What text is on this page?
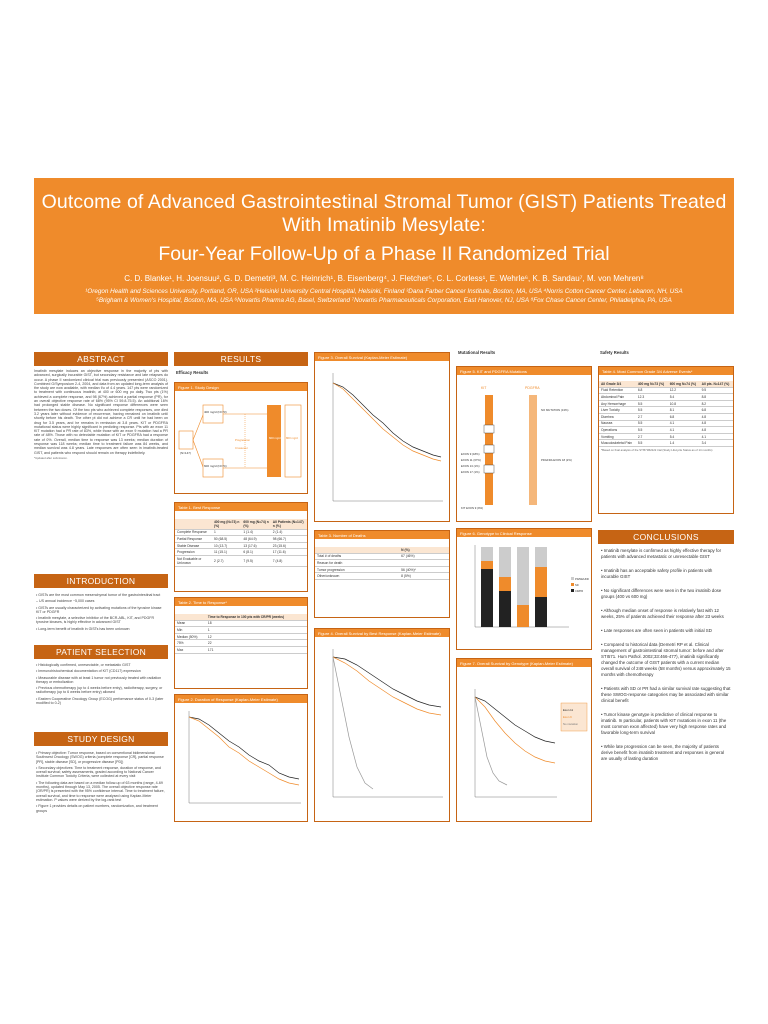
Outcome of Advanced Gastrointestinal Stromal Tumor (GIST) Patients Treated With Imatinib Mesylate:
Four-Year Follow-Up of a Phase II Randomized Trial
C. D. Blanke¹, H. Joensuu², G. D. Demetri³, M. C. Heinrich¹, B. Eisenberg⁴, J. Fletcher⁵, C. L. Corless¹, E. Wehrle⁶, K. B. Sandau⁷, M. von Mehren⁸
¹Oregon Health and Sciences University, Portland, OR, USA ²Helsinki University Central Hospital, Helsinki, Finland ³Dana Farber Cancer Institute, Boston, MA, USA ⁴Norris Cotton Cancer Center, Lebanon, NH, USA
⁵Brigham & Women's Hospital, Boston, MA, USA ⁶Novartis Pharma AG, Basel, Switzerland ⁷Novartis Pharmaceuticals Corporation, East Hanover, NJ, USA ⁸Fox Chase Cancer Center, Philadelphia, PA, USA
ABSTRACT
Imatinib mesylate induces an objective response in the majority of pts with advanced, surgically incurable GIST, but secondary resistance and late relapses do occur. A phase II randomized clinical trial was previously presented (ASCO 2001). Combined G/Symposium 2-4, 2004, and data from an updated long-term analysis of the study are now available, with median f/u of 4.4 years. 147 pts were randomized to treatment with continuous imatinib, at 400 or 600 mg po daily. Two pts (1%) achieved a complete response, and 98 (67%) achieved a partial response (PR), for an overall objective response rate of 68% (95% CI 59.8-75.5). An additional 16% had prolonged stable disease. No significant response differences were seen between the two doses. Of the two pts who achieved complete responses, one died 3.2 years later without evidence of recurrence, having remained on imatinib until shortly before his death. The other pt did not achieve a CR until he had been on drug for 3.5 years, and he remains in remission at 3.8 years. KIT or PDGFRA mutational status were highly significant in predicting response. Pts with an exon 11 KIT mutation had a PR rate of 83%, while those with an exon 9 mutation had a PR rate of 48%. Those with no detectable mutation of KIT or PDGFRA had a response rate of 0%. Overall, median time to response was 13 weeks; median duration of response was 118 weeks; median time to treatment failure was 84 weeks, and median survival was 4.8 years. Late responses are often seen in imatinib-treated GIST, and patients who respond should remain on therapy indefinitely.
*Updated after submission.
INTRODUCTION
• GISTs are the most common mesenchymal tumor of the gastrointestinal tract
– US annual incidence ~5,000 cases
• GISTs are usually characterized by activating mutations of the tyrosine kinase KIT or PDGFR
• Imatinib mesylate, a selective inhibitor of the BCR-ABL, KIT, and PDGFR tyrosine kinases, is highly effective in advanced GIST
• Long-term benefit of imatinib in GISTs has been unknown
PATIENT SELECTION
• Histologically confirmed, unresectable, or metastatic GIST
• Immunohistochemical documentation of KIT (CD117) expression
• Measurable disease with at least 1 tumor not previously treated with radiation therapy or embolization
• Previous chemotherapy (up to 4 weeks before entry), radiotherapy, surgery, or radiotherapy (up to 6 weeks before entry) allowed
• Eastern Cooperative Oncology Group (ECOG) performance status of 0-3 (later modified to 0-2)
STUDY DESIGN
• Primary objective: Tumor response, based on conventional bidimensional Southwest Oncology (SWOG) criteria (complete response [CR], partial response [PR], stable disease [SD], or progressive disease [PD])
• Secondary objectives: Time to treatment response, duration of response, and overall survival; safety assessments, graded according to National Cancer Institute Common Toxicity Criteria, were collected at every visit
• The following data are based on a median follow-up of 63 months (range, 4-69 months), updated through May 13, 2005. The overall objective response rate (OR/PR) is presented with the 95% confidence interval. Time to treatment failure, overall survival, and time to response were analysed using Kaplan-Meier estimation. P values were derived by the log-rank test
• Figure 1 provides details on patient numbers, randomization, and treatment groups
RESULTS
Efficacy Results
Figure 1. Study Design
(N=147)
400 mg/d (N=73)
600 mg/d (N=74)
Progression
Crossover
600 mg/d 800 mg/d
Table 1. Best Response
	400 mg (N=73) n (%)	600 mg (N=74) n (%)	All Patients (N=147) n (%)
Complete Response	1	1 (1.4)	2 (1.4)
Partial Response	50 (68.5)	48 (64.9)	98 (66.7)
Stable Disease	10 (13.7)	13 (17.6)	23 (15.6)
Progression	11 (15.1)	6 (8.1)	17 (11.6)
Not Evaluable or Unknown	2 (2.7)	7 (9.5)	7 (4.8)
Table 2. Time to Response*
	Time to Response in 100 pts with CR/PR (weeks)
Mean	18
Min	1
Median (50%)	12
75%	22
Max	171
Figure 2. Duration of Response (Kaplan-Meier Estimate)
Figure 3. Overall Survival (Kaplan-Meier Estimate)
Table 3. Number of Deaths
	N (%)
Total # of deaths	67 (46%)
Reason for death	
Tumor progression	56 (40%)*
Other/unknown	8 (5%)
Figure 4. Overall Survival by Best Response (Kaplan-Meier Estimate)
Mutational Results
Figure 5. KIT and PDGFRA Mutations
KIT	PDGFRA
EXON 9 (18%)
EXON 11 (67%)
EXON 13 (1%)
EXON 17 (1%)
KIT EXON 9 (9%)
NO MUTATION (13%)
PDGFRA EXON 18 (2%)
Figure 6. Genotype to Clinical Response
PD/NE/UNK
SD
CR/PR
Figure 7. Overall Survival by Genotype (Kaplan-Meier Estimate)
Exon 11
Exon 9
No mutation
Safety Results
Table 4. Most Common Grade 3/4 Adverse Events*
All Grade 3/4	400 mg N=73 (%)	600 mg N=74 (%)	All pts. N=147 (%)
Fluid Retention	6.8	12.2	9.5
Abdominal Pain	12.3	5.4	8.8
Any Hemorrhage	5.5	10.8	8.2
Liver Toxicity	5.5	8.1	6.8
Diarrhea	2.7	6.8	4.8
Nausea	5.5	4.1	4.8
Operations	5.5	4.1	4.8
Vomiting	2.7	5.4	4.1
Musculoskeletal Pain	5.5	1.4	3.4
*Based on final analysis of the STI571B2222 trial (Study Lifecycle Status as of 14 months)
CONCLUSIONS
• Imatinib mesylate is confirmed as highly effective therapy for patients with advanced metastatic or unresectable GIST
• Imatinib has an acceptable safety profile in patients with incurable GIST
• No significant differences were seen in the two imatinib dose groups (400 vs 600 mg)
• Although median onset of response is relatively fast with 12 weeks, 25% of patients achieved their response after 23 weeks
• Late responses are often seen in patients with initial SD
• Compared to historical data (Demetri RP et al. Clinical management of gastrointestinal stromal tumor: before and after STI571. Hum Pathol. 2002;33:466-477), imatinib significantly changed the outcome of GIST patients with a current median overall survival of 248 weeks (58 months) versus approximately 15 months with chemotherapy
• Patients with SD or PR had a similar survival rate suggesting that these SWOG-response categories may be associated with similar clinical benefit
• Tumor kinase genotype is predictive of clinical response to imatinib. In particular, patients with KIT mutations in exon 11 (the most common exon affected) have very high response rates and favorable long-term survival
• While late progression can be seen, the majority of patients derive benefit from imatinib treatment and responses in general are usually of lasting duration
